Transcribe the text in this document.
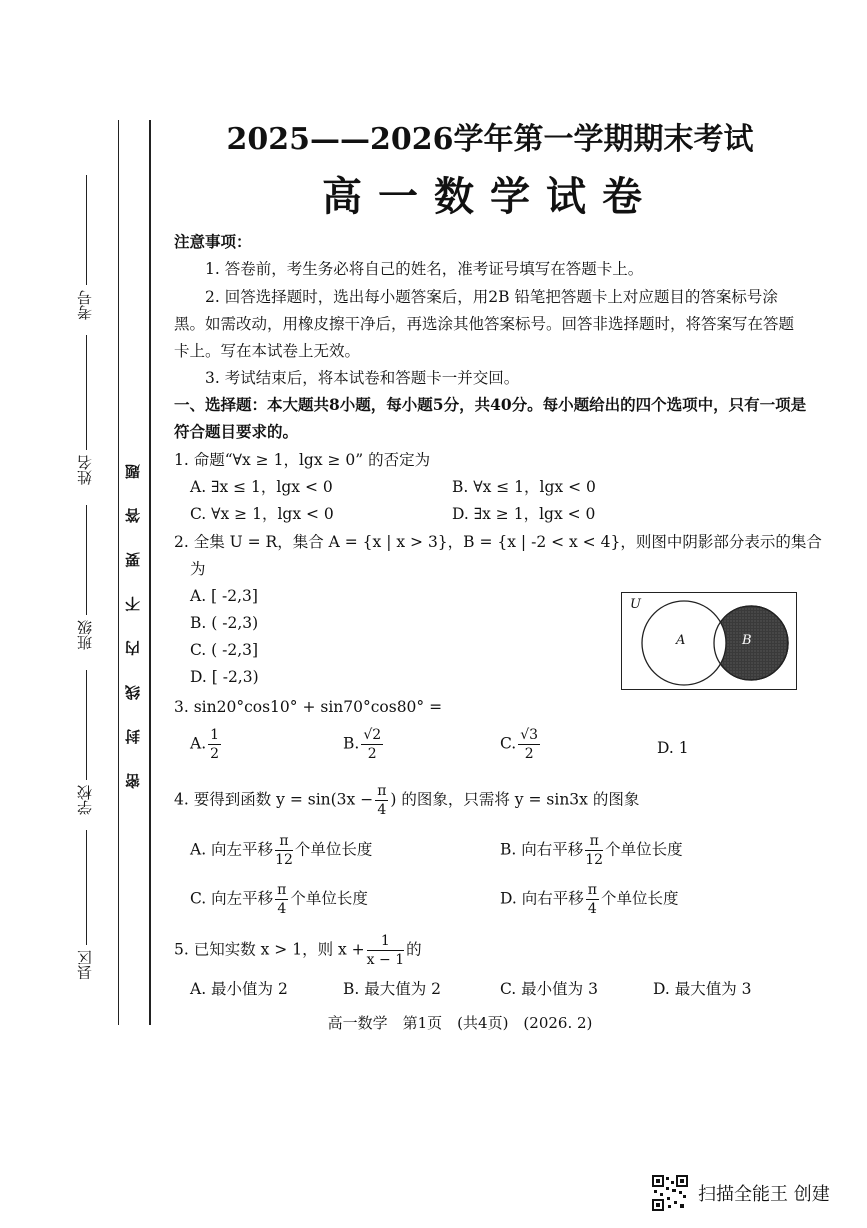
考号
姓名
班级
学校
县区
密 封 线 内 不 要 答 题
2025——2026学年第一学期期末考试
高一数学试卷
注意事项：
1. 答卷前，考生务必将自己的姓名，准考证号填写在答题卡上。
2. 回答选择题时，选出每小题答案后，用2B 铅笔把答题卡上对应题目的答案标号涂
黑。如需改动，用橡皮擦干净后，再选涂其他答案标号。回答非选择题时，将答案写在答题
卡上。写在本试卷上无效。
3. 考试结束后，将本试卷和答题卡一并交回。
一、选择题：本大题共8小题，每小题5分，共40分。每小题给出的四个选项中，只有一项是
符合题目要求的。
1. 命题“∀x ≥ 1，lgx ≥ 0” 的否定为
A. ∃x ≤ 1，lgx < 0	B. ∀x ≤ 1，lgx < 0
C. ∀x ≥ 1，lgx < 0	D. ∃x ≥ 1，lgx < 0
2. 全集 U = R，集合 A = {x | x > 3}，B = {x | -2 < x < 4}，则图中阴影部分表示的集合
为
A. [ -2,3]
B. ( -2,3)
C. ( -2,3]
D. [ -2,3)
U
A	B
3. sin20°cos10° + sin70°cos80° =
A. $\frac{1}{2}$	B. $\frac{√2}{2}$	C. $\frac{√3}{2}$	D. 1
4. 要得到函数 $y = \sin(3x - \frac{\pi}{4}$ ) 的图象，只需将 y = sin3x 的图象
A. 向左平移 $\frac{\pi}{12}$ 个单位长度	B. 向右平移 $\frac{\pi}{12}$ 个单位长度
C. 向左平移 $\frac{\pi}{4}$ 个单位长度	D. 向右平移 $\frac{\pi}{4}$ 个单位长度
5. 已知实数 x > 1，则 $x + \frac{1}{x - 1}$ 的
A. 最小值为 2	B. 最大值为 2	C. 最小值为 3	D. 最大值为 3
高一数学　第1页　(共4页)　(2026. 2)
扫描全能王 创建
